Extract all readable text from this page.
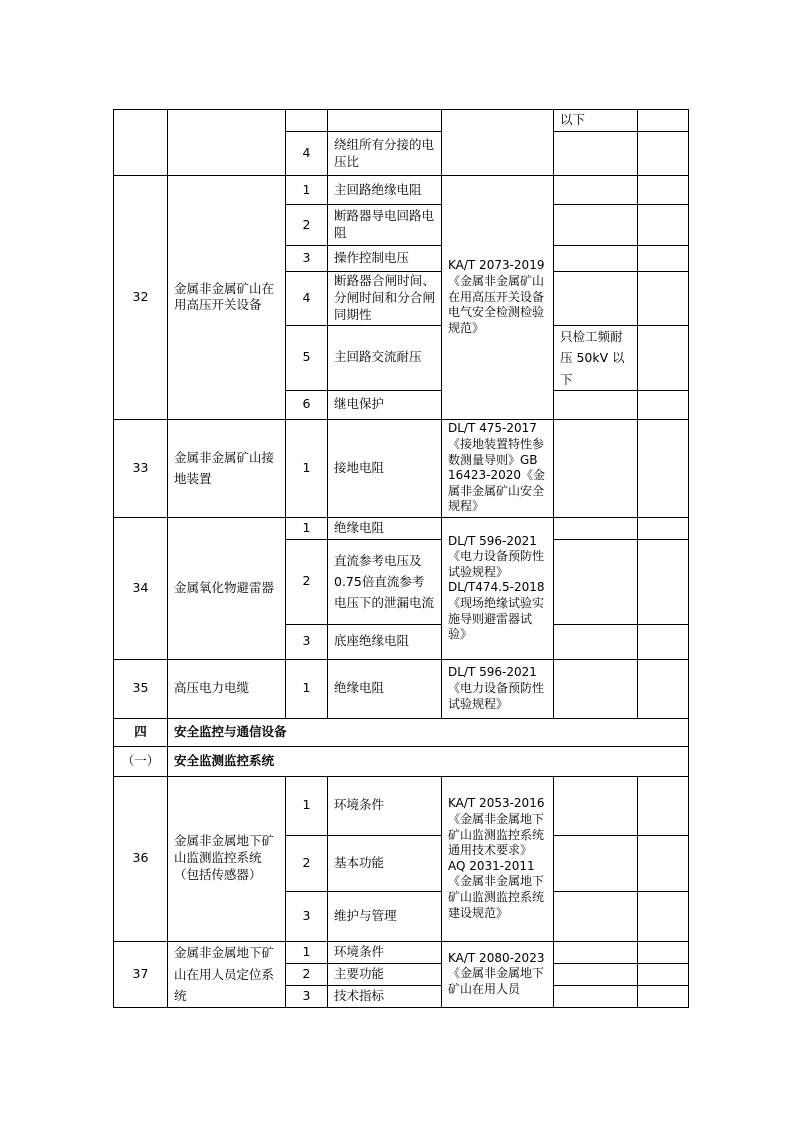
					以下	
		4	绕组所有分接的电压比			
32	金属非金属矿山在用高压开关设备	1	主回路绝缘电阻	KA/T 2073-2019《金属非金属矿山在用高压开关设备电气安全检测检验规范》		
		2	断路器导电回路电阻			
		3	操作控制电压			
		4	断路器合闸时间、分闸时间和分合闸同期性			
		5	主回路交流耐压		只检工频耐压 50kV 以下	
		6	继电保护			
33	金属非金属矿山接地装置	1	接地电阻	DL/T 475-2017《接地装置特性参数测量导则》GB 16423-2020《金属非金属矿山安全规程》		
34	金属氧化物避雷器	1	绝缘电阻	DL/T 596-2021《电力设备预防性试验规程》DL/T474.5-2018《现场绝缘试验实施导则避雷器试验》		
		2	直流参考电压及0.75倍直流参考电压下的泄漏电流			
		3	底座绝缘电阻			
35	高压电力电缆	1	绝缘电阻	DL/T 596-2021《电力设备预防性试验规程》		
四	安全监控与通信设备					
（一）	安全监测监控系统					
36	金属非金属地下矿山监测监控系统（包括传感器）	1	环境条件	KA/T 2053-2016《金属非金属地下矿山监测监控系统通用技术要求》AQ 2031-2011《金属非金属地下矿山监测监控系统建设规范》		
		2	基本功能			
		3	维护与管理			
37	金属非金属地下矿山在用人员定位系统	1	环境条件	KA/T 2080-2023《金属非金属地下矿山在用人员		
		2	主要功能			
		3	技术指标			
